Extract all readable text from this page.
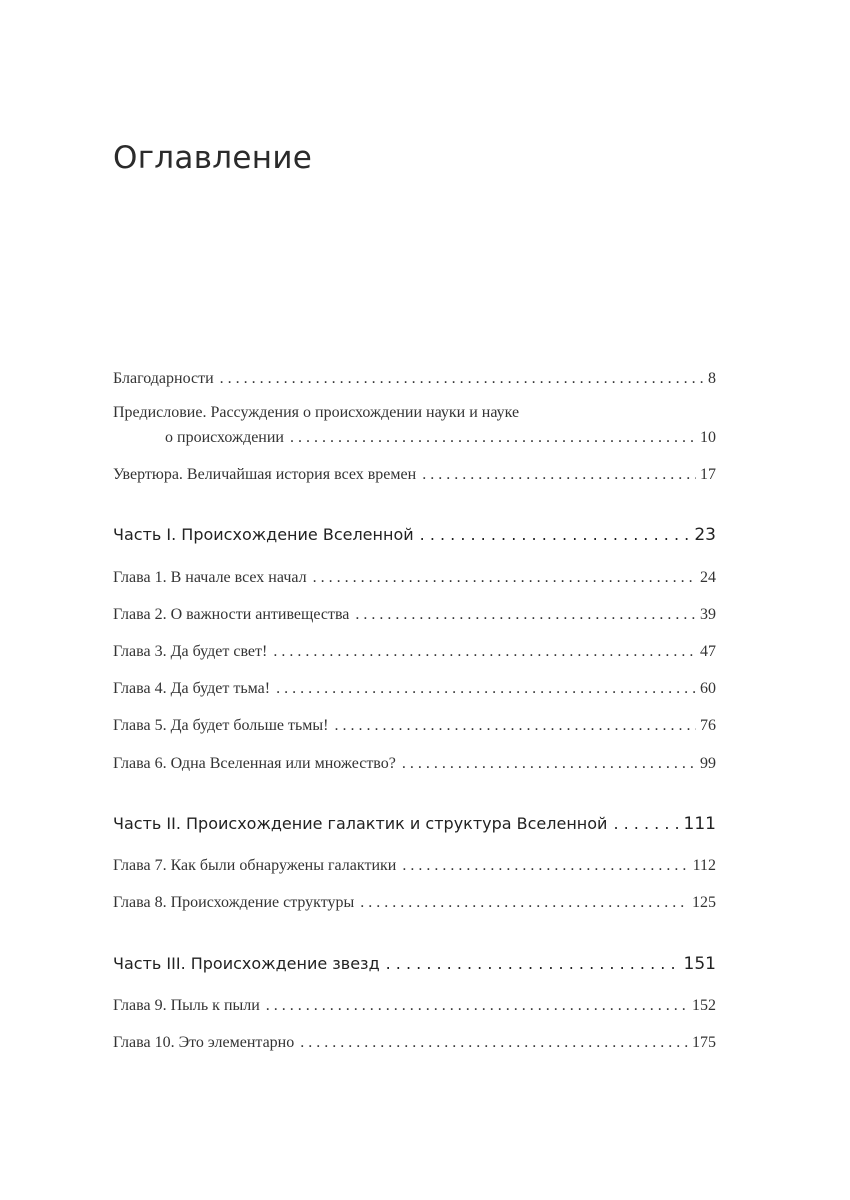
Оглавление
Благодарности . . .	8
Предисловие. Рассуждения о происхождении науки и науке
о происхождении . . .	10
Увертюра. Величайшая история всех времен . . .	17
Часть I. Происхождение Вселенной . . .	23
Глава 1. В начале всех начал . . .	24
Глава 2. О важности антивещества . . .	39
Глава 3. Да будет свет! . . .	47
Глава 4. Да будет тьма! . . .	60
Глава 5. Да будет больше тьмы! . . .	76
Глава 6. Одна Вселенная или множество? . . .	99
Часть II. Происхождение галактик и структура Вселенной . . .	111
Глава 7. Как были обнаружены галактики . . .	112
Глава 8. Происхождение структуры . . .	125
Часть III. Происхождение звезд . . .	151
Глава 9. Пыль к пыли . . .	152
Глава 10. Это элементарно . . .	175
